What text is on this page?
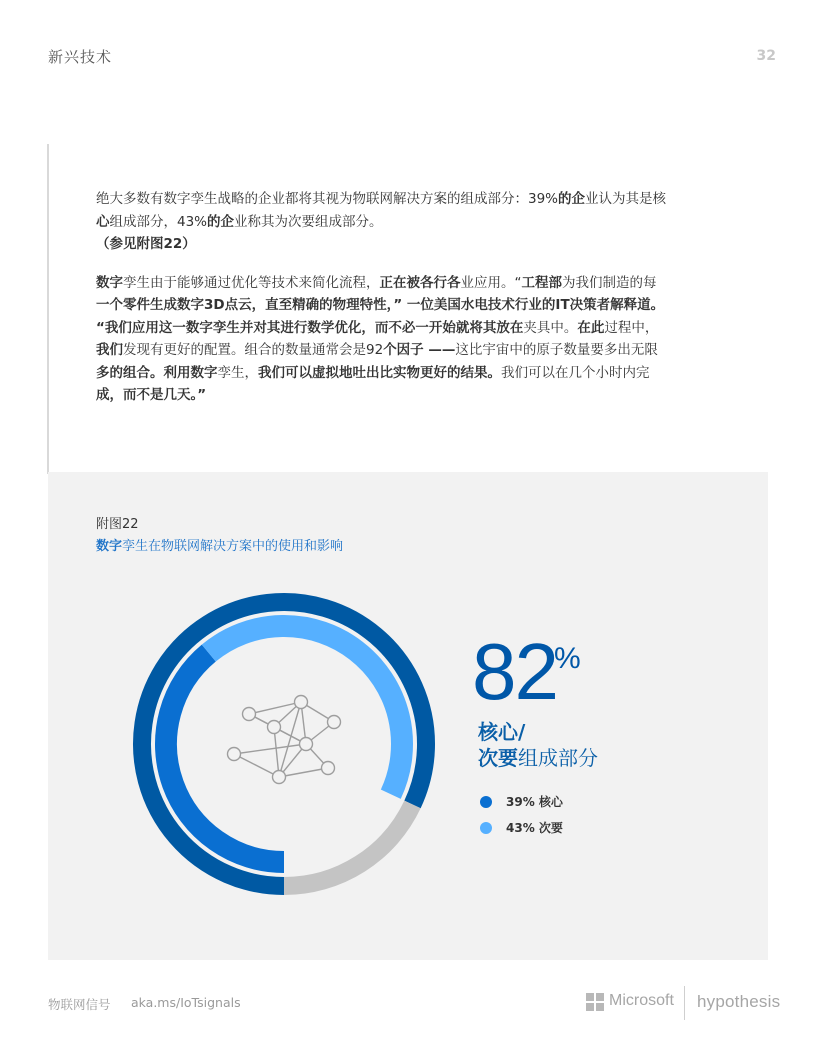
新兴技术	32

绝大多数有数字孪生战略的企业都将其视为物联网解决方案的组成部分：39%的企业认为其是核
心组成部分，43%的企业称其为次要组成部分。
（参见附图22）

数字孪生由于能够通过优化等技术来简化流程，正在被各行各业应用。“工程部为我们制造的每
一个零件生成数字3D点云，直至精确的物理特性，” 一位美国水电技术行业的IT决策者解释道。
“我们应用这一数字孪生并对其进行数学优化，而不必一开始就将其放在夹具中。在此过程中，
我们发现有更好的配置。组合的数量通常会是92个因子 ——这比宇宙中的原子数量要多出无限
多的组合。利用数字孪生，我们可以虚拟地吐出比实物更好的结果。我们可以在几个小时内完
成，而不是几天。”

附图22
数字孪生在物联网解决方案中的使用和影响
82
%
核心/
次要组成部分
39% 核心
43% 次要
物联网信号 aka.ms/IoTsignals	Microsoft hypothesis
